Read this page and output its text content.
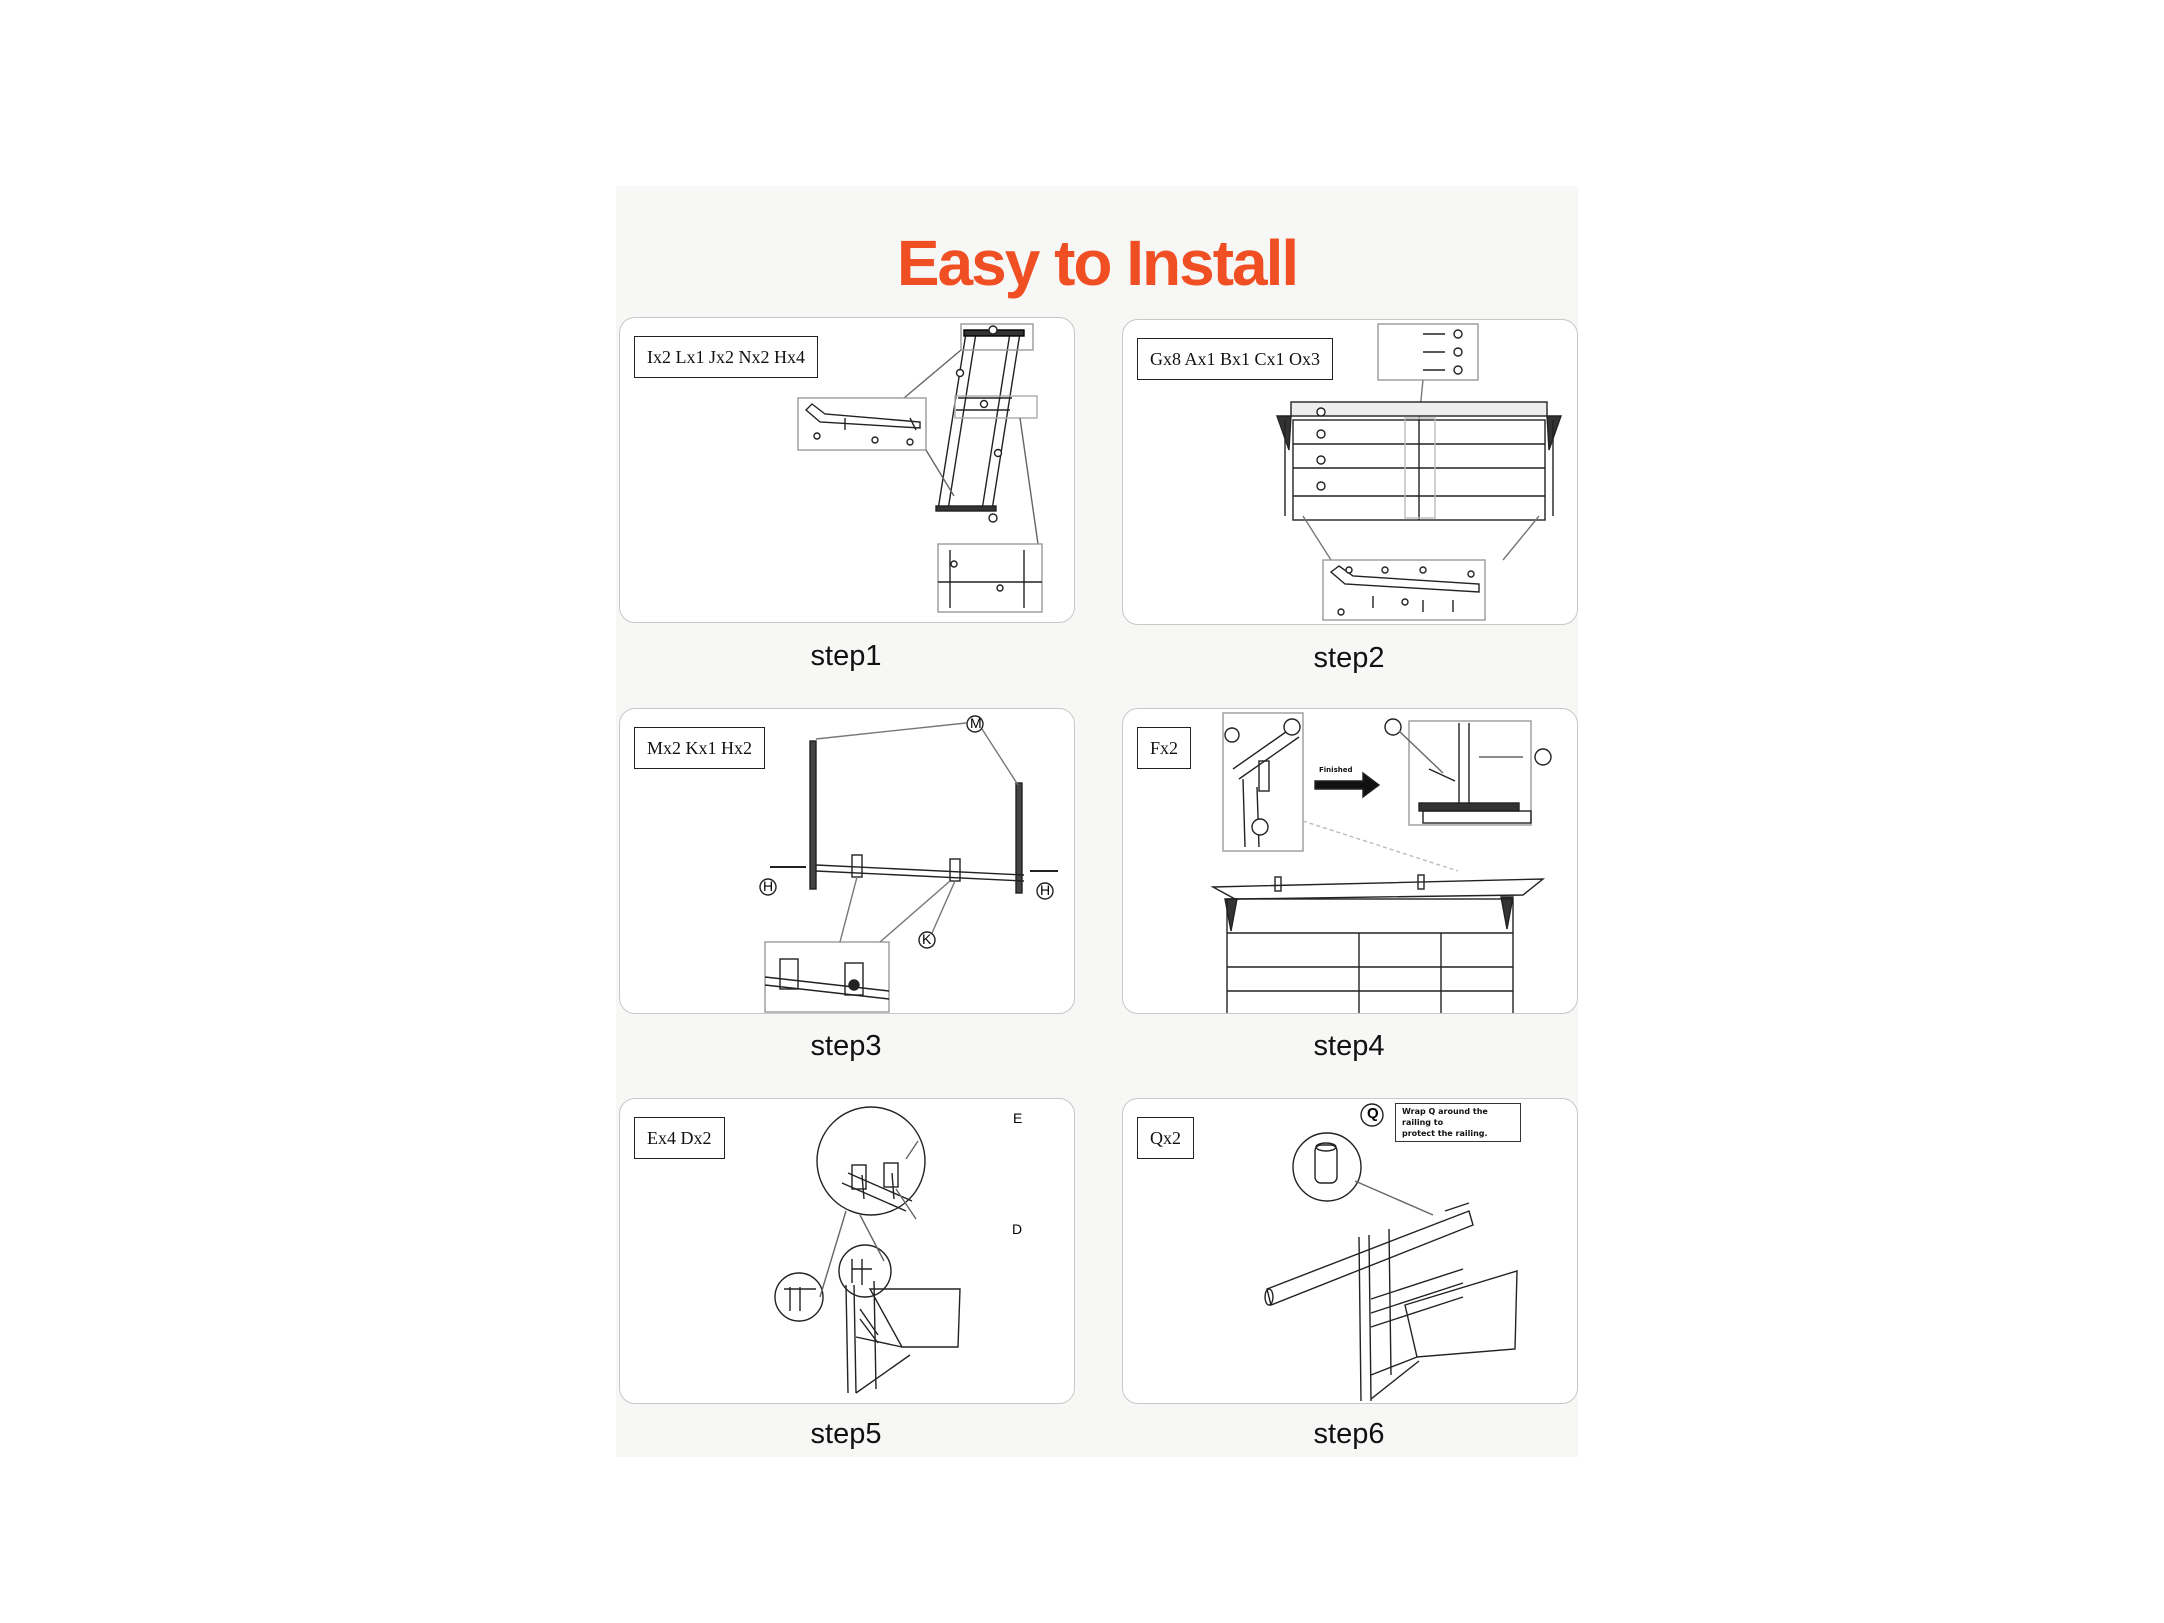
Easy to Install
Ix2 Lx1 Jx2 Nx2 Hx4
step1
Gx8 Ax1 Bx1 Cx1 Ox3
step2
Mx2 Kx1 Hx2
M
H	H
K
step3
Fx2
Finished
step4
Ex4 Dx2
E
D
step5
Qx2
Q	Wrap Q around the railing to
protect the railing.
step6
